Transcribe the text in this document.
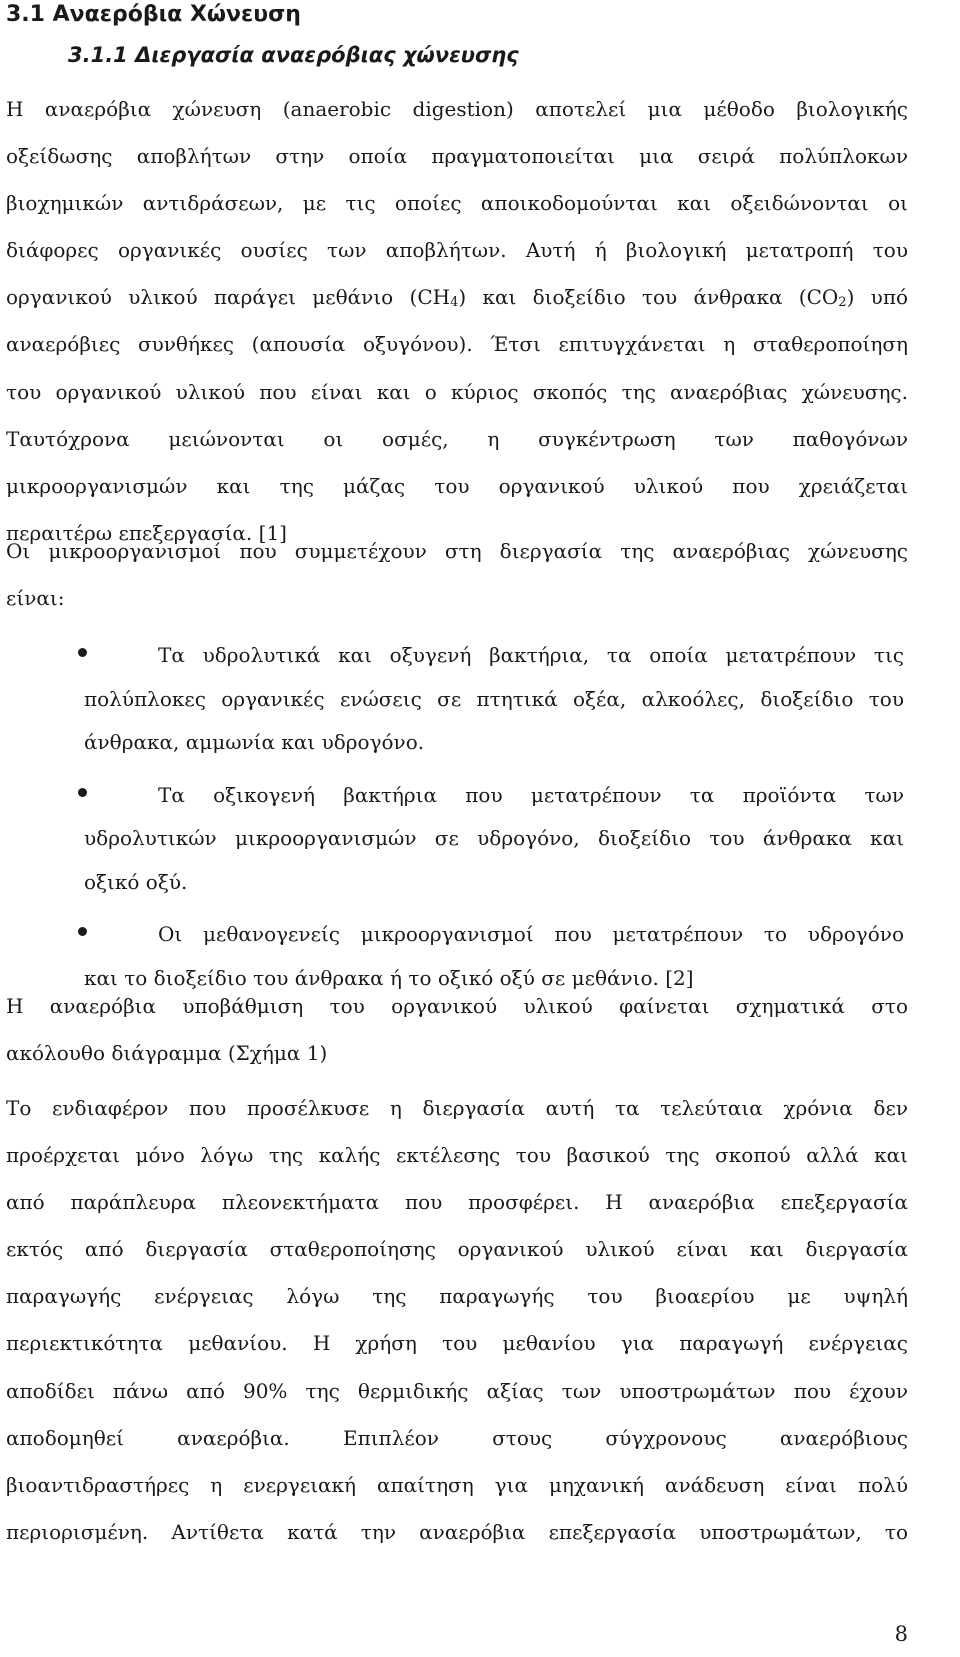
3.1 Αναερόβια Χώνευση
3.1.1 Διεργασία αναερόβιας χώνευσης
Η αναερόβια χώνευση (anaerobic digestion) αποτελεί μια μέθοδο βιολογικής
οξείδωσης αποβλήτων στην οποία πραγματοποιείται μια σειρά πολύπλοκων
βιοχημικών αντιδράσεων, με τις οποίες αποικοδομούνται και οξειδώνονται οι
διάφορες οργανικές ουσίες των αποβλήτων. Αυτή ή βιολογική μετατροπή του
οργανικού υλικού παράγει μεθάνιο $(CH_4)$ και διοξείδιο του άνθρακα $(CO_2)$ υπό
αναερόβιες συνθήκες (απουσία οξυγόνου). Έτσι επιτυγχάνεται η σταθεροποίηση
του οργανικού υλικού που είναι και ο κύριος σκοπός της αναερόβιας χώνευσης.
Ταυτόχρονα μειώνονται οι οσμές, η συγκέντρωση των παθογόνων
μικροοργανισμών και της μάζας του οργανικού υλικού που χρειάζεται
περαιτέρω επεξεργασία. [1]
Οι μικροοργανισμοί που συμμετέχουν στη διεργασία της αναερόβιας χώνευσης
είναι:
Τα υδρολυτικά και οξυγενή βακτήρια, τα οποία μετατρέπουν τις
πολύπλοκες οργανικές ενώσεις σε πτητικά οξέα, αλκοόλες, διοξείδιο του
άνθρακα, αμμωνία και υδρογόνο.
Τα οξικογενή βακτήρια που μετατρέπουν τα προϊόντα των
υδρολυτικών μικροοργανισμών σε υδρογόνο, διοξείδιο του άνθρακα και
οξικό οξύ.
Οι μεθανογενείς μικροοργανισμοί που μετατρέπουν το υδρογόνο
και το διοξείδιο του άνθρακα ή το οξικό οξύ σε μεθάνιο. [2]
Η αναερόβια υποβάθμιση του οργανικού υλικού φαίνεται σχηματικά στο
ακόλουθο διάγραμμα (Σχήμα 1)
Το ενδιαφέρον που προσέλκυσε η διεργασία αυτή τα τελεύταια χρόνια δεν
προέρχεται μόνο λόγω της καλής εκτέλεσης του βασικού της σκοπού αλλά και
από παράπλευρα πλεονεκτήματα που προσφέρει. Η αναερόβια επεξεργασία
εκτός από διεργασία σταθεροποίησης οργανικού υλικού είναι και διεργασία
παραγωγής ενέργειας λόγω της παραγωγής του βιοαερίου με υψηλή
περιεκτικότητα μεθανίου. Η χρήση του μεθανίου για παραγωγή ενέργειας
αποδίδει πάνω από 90% της θερμιδικής αξίας των υποστρωμάτων που έχουν
αποδομηθεί αναερόβια. Επιπλέον στους σύγχρονους αναερόβιους
βιοαντιδραστήρες η ενεργειακή απαίτηση για μηχανική ανάδευση είναι πολύ
περιορισμένη. Αντίθετα κατά την αναερόβια επεξεργασία υποστρωμάτων, το
8
